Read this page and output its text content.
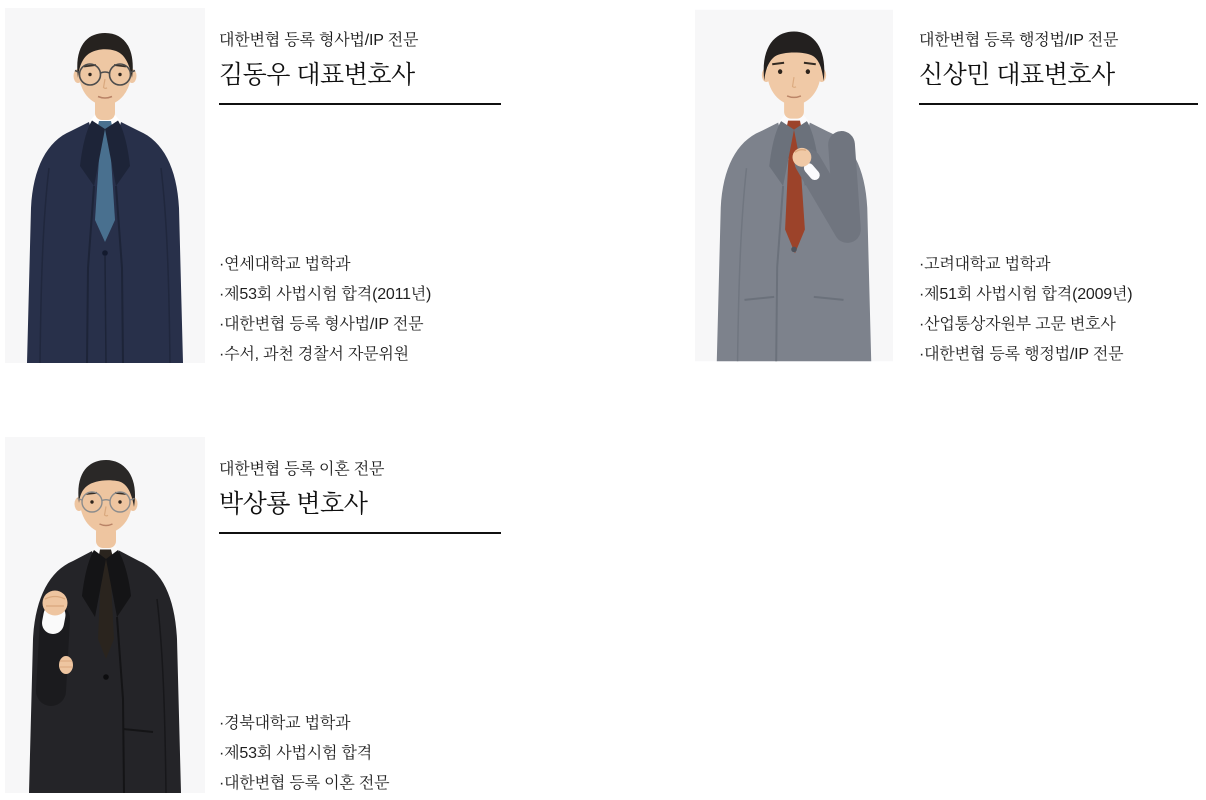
대한변협 등록 형사법/IP 전문
김동우 대표변호사
·연세대학교 법학과
·제53회 사법시험 합격(2011년)
·대한변협 등록 형사법/IP 전문
·수서, 과천 경찰서 자문위원
대한변협 등록 행정법/IP 전문
신상민 대표변호사
·고려대학교 법학과
·제51회 사법시험 합격(2009년)
·산업통상자원부 고문 변호사
·대한변협 등록 행정법/IP 전문
대한변협 등록 이혼 전문
박상룡 변호사
·경북대학교 법학과
·제53회 사법시험 합격
·대한변협 등록 이혼 전문
